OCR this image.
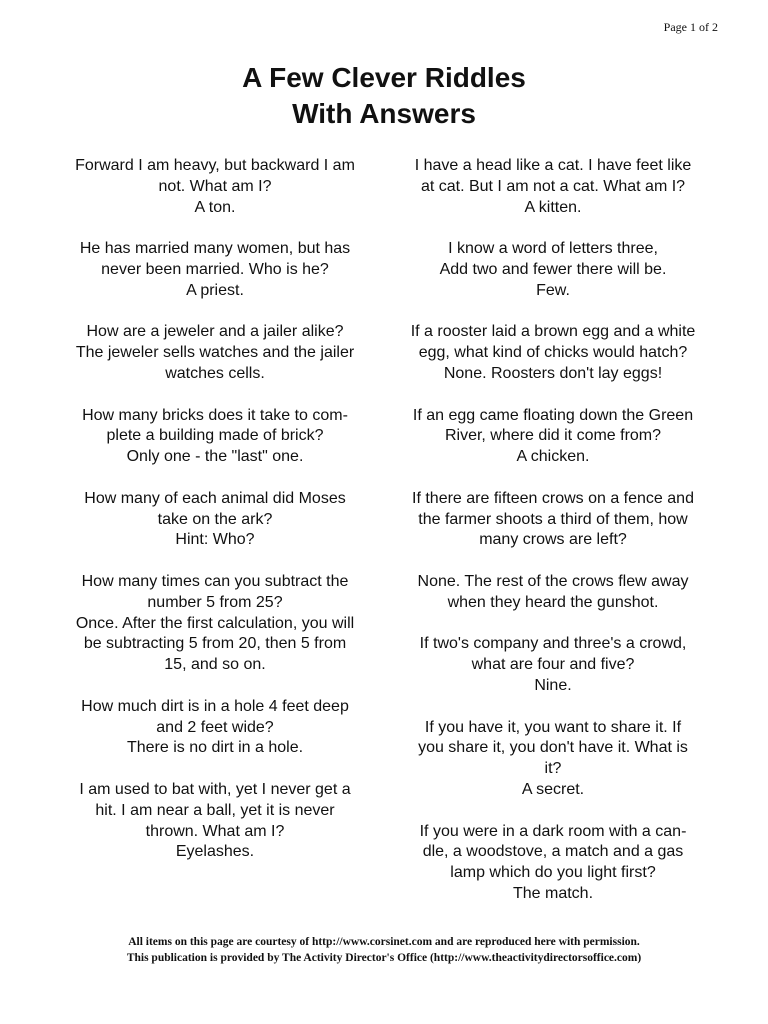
Page 1 of 2
A Few Clever Riddles
With Answers
Forward I am heavy, but backward I am
not. What am I?
A ton.
He has married many women, but has
never been married. Who is he?
A priest.
How are a jeweler and a jailer alike?
The jeweler sells watches and the jailer
watches cells.
How many bricks does it take to com-
plete a building made of brick?
Only one - the "last" one.
How many of each animal did Moses
take on the ark?
Hint: Who?
How many times can you subtract the
number 5 from 25?
Once. After the first calculation, you will
be subtracting 5 from 20, then 5 from
15, and so on.
How much dirt is in a hole 4 feet deep
and 2 feet wide?
There is no dirt in a hole.
I am used to bat with, yet I never get a
hit. I am near a ball, yet it is never
thrown. What am I?
Eyelashes.
I have a head like a cat. I have feet like
at cat. But I am not a cat. What am I?
A kitten.
I know a word of letters three,
Add two and fewer there will be.
Few.
If a rooster laid a brown egg and a white
egg, what kind of chicks would hatch?
None. Roosters don't lay eggs!
If an egg came floating down the Green
River, where did it come from?
A chicken.
If there are fifteen crows on a fence and
the farmer shoots a third of them, how
many crows are left?
None. The rest of the crows flew away
when they heard the gunshot.
If two's company and three's a crowd,
what are four and five?
Nine.
If you have it, you want to share it. If
you share it, you don't have it. What is
it?
A secret.
If you were in a dark room with a can-
dle, a woodstove, a match and a gas
lamp which do you light first?
The match.
All items on this page are courtesy of http://www.corsinet.com and are reproduced here with permission.
This publication is provided by The Activity Director's Office (http://www.theactivitydirectorsoffice.com)
